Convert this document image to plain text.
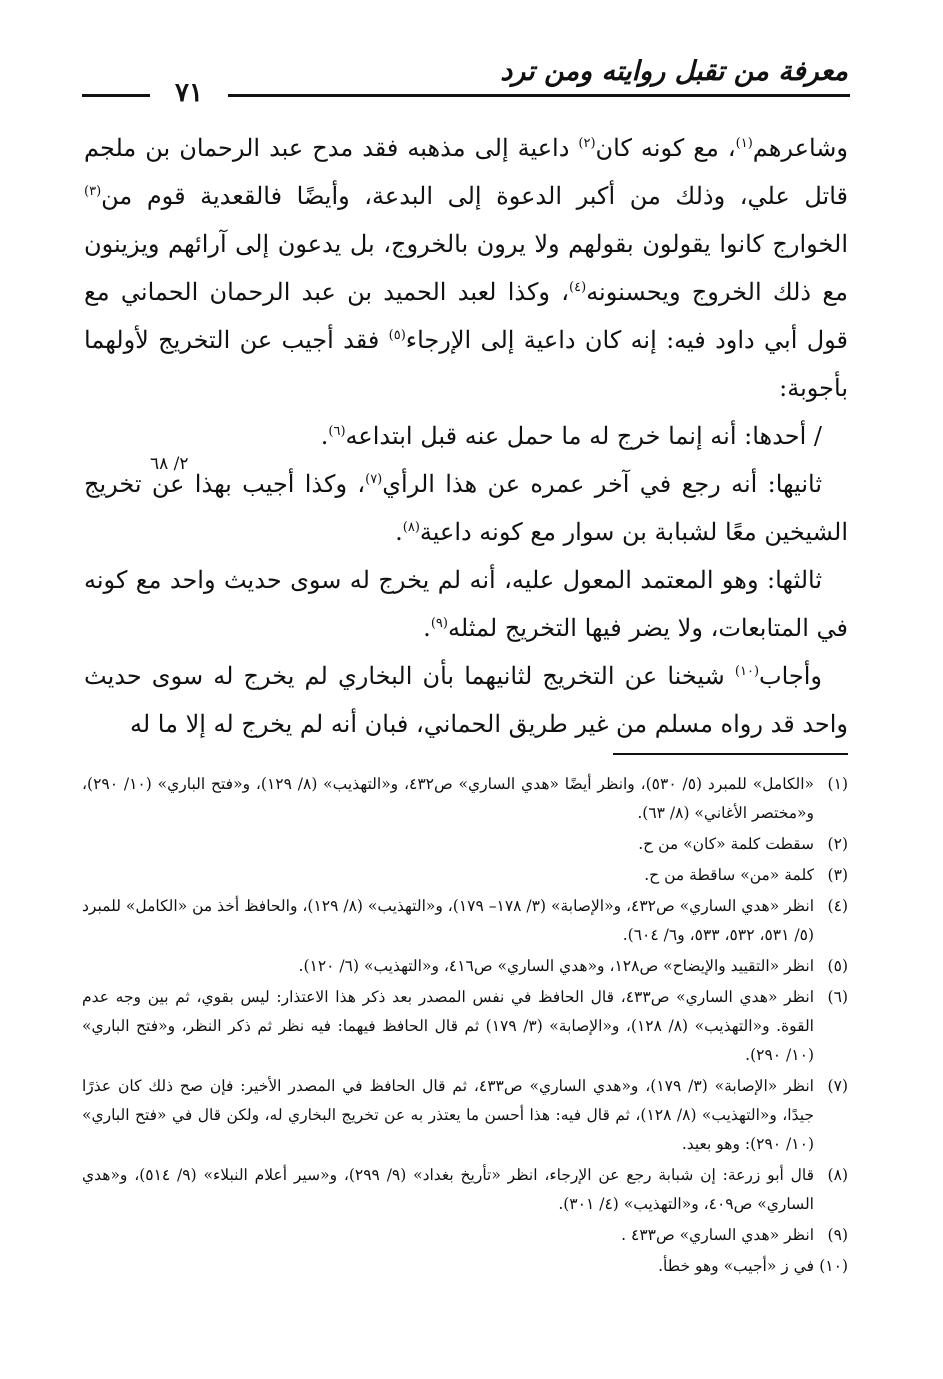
معرفة من تقبل روايته ومن ترد
٧١
٢/ ٦٨

وشاعرهم$^{(١)}$، مع كونه كان$^{(٢)}$ داعية إلى مذهبه فقد مدح عبد الرحمان بن ملجم قاتل علي، وذلك من أكبر الدعوة إلى البدعة، وأيضًا فالقعدية قوم من$^{(٣)}$ الخوارج كانوا يقولون بقولهم ولا يرون بالخروج، بل يدعون إلى آرائهم ويزينون مع ذلك الخروج ويحسنونه$^{(٤)}$، وكذا لعبد الحميد بن عبد الرحمان الحماني مع قول أبي داود فيه: إنه كان داعية إلى الإرجاء$^{(٥)}$ فقد أجيب عن التخريج لأولهما بأجوبة:

/ أحدها: أنه إنما خرج له ما حمل عنه قبل ابتداعه$^{(٦)}$.

ثانيها: أنه رجع في آخر عمره عن هذا الرأي$^{(٧)}$، وكذا أجيب بهذا عن تخريج الشيخين معًا لشبابة بن سوار مع كونه داعية$^{(٨)}$.

ثالثها: وهو المعتمد المعول عليه، أنه لم يخرج له سوى حديث واحد مع كونه في المتابعات، ولا يضر فيها التخريج لمثله$^{(٩)}$.

وأجاب$^{(١٠)}$ شيخنا عن التخريج لثانيهما بأن البخاري لم يخرج له سوى حديث واحد قد رواه مسلم من غير طريق الحماني، فبان أنه لم يخرج له إلا ما له

(١)
«الكامل» للمبرد (٥/ ٥٣٠)، وانظر أيضًا «هدي الساري» ص٤٣٢، و«التهذيب» (٨/ ١٢٩)، و«فتح الباري» (١٠/ ٢٩٠)، و«مختصر الأغاني» (٨/ ٦٣).
(٢)
سقطت كلمة «كان» من ح.
(٣)
كلمة «من» ساقطة من ح.
(٤)
انظر «هدي الساري» ص٤٣٢، و«الإصابة» (٣/ ١٧٨– ١٧٩)، و«التهذيب» (٨/ ١٢٩)، والحافظ أخذ من «الكامل» للمبرد (٥/ ٥٣١، ٥٣٢، ٥٣٣، و٦/ ٦٠٤).
(٥)
انظر «التقييد والإيضاح» ص١٢٨، و«هدي الساري» ص٤١٦، و«التهذيب» (٦/ ١٢٠).
(٦)
انظر «هدي الساري» ص٤٣٣، قال الحافظ في نفس المصدر بعد ذكر هذا الاعتذار: ليس بقوي، ثم بين وجه عدم القوة. و«التهذيب» (٨/ ١٢٨)، و«الإصابة» (٣/ ١٧٩) ثم قال الحافظ فيهما: فيه نظر ثم ذكر النظر، و«فتح الباري» (١٠/ ٢٩٠).
(٧)
انظر «الإصابة» (٣/ ١٧٩)، و«هدي الساري» ص٤٣٣، ثم قال الحافظ في المصدر الأخير: فإن صح ذلك كان عذرًا جيدًا، و«التهذيب» (٨/ ١٢٨)، ثم قال فيه: هذا أحسن ما يعتذر به عن تخريج البخاري له، ولكن قال في «فتح الباري» (١٠/ ٢٩٠): وهو بعيد.
(٨)
قال أبو زرعة: إن شبابة رجع عن الإرجاء، انظر «تأريخ بغداد» (٩/ ٢٩٩)، و«سير أعلام النبلاء» (٩/ ٥١٤)، و«هدي الساري» ص٤٠٩، و«التهذيب» (٤/ ٣٠١).
(٩)
انظر «هدي الساري» ص٤٣٣ .
(١٠)
في ز «أجيب» وهو خطأ.
